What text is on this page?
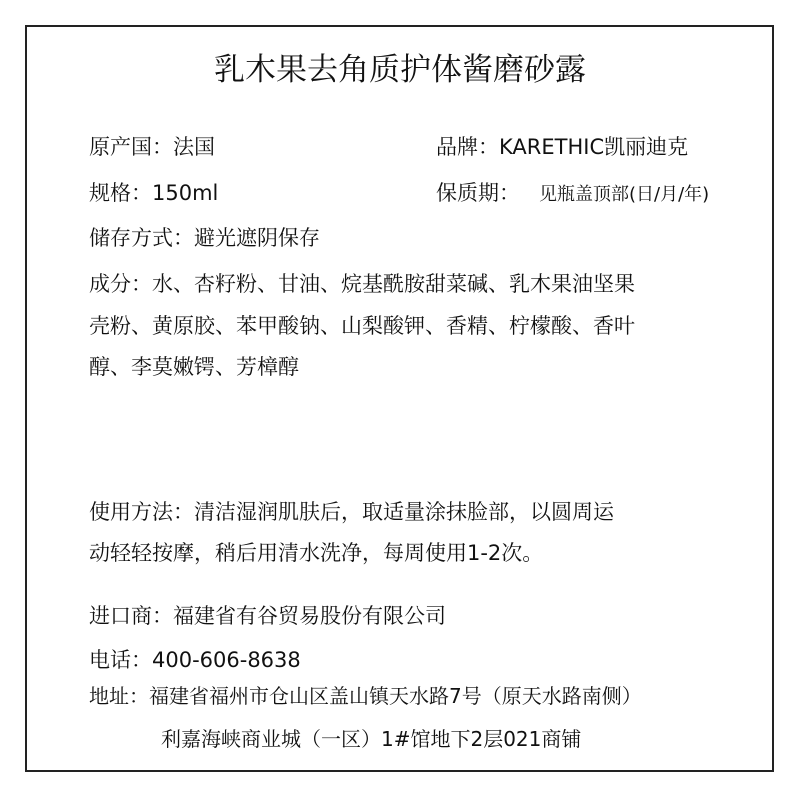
乳木果去角质护体酱磨砂露
原产国：法国	品牌：KARETHIC凯丽迪克
规格：150ml	保质期： 见瓶盖顶部(日/月/年)
储存方式：避光遮阴保存
成分：水、杏籽粉、甘油、烷基酰胺甜菜碱、乳木果油坚果
壳粉、黄原胶、苯甲酸钠、山梨酸钾、香精、柠檬酸、香叶
醇、李莫嫩锷、芳樟醇
使用方法：清洁湿润肌肤后，取适量涂抹脸部，以圆周运
动轻轻按摩，稍后用清水洗净，每周使用1-2次。
进口商：福建省有谷贸易股份有限公司
电话：400-606-8638
地址：福建省福州市仓山区盖山镇天水路7号（原天水路南侧）
利嘉海峡商业城（一区）1#馆地下2层021商铺
